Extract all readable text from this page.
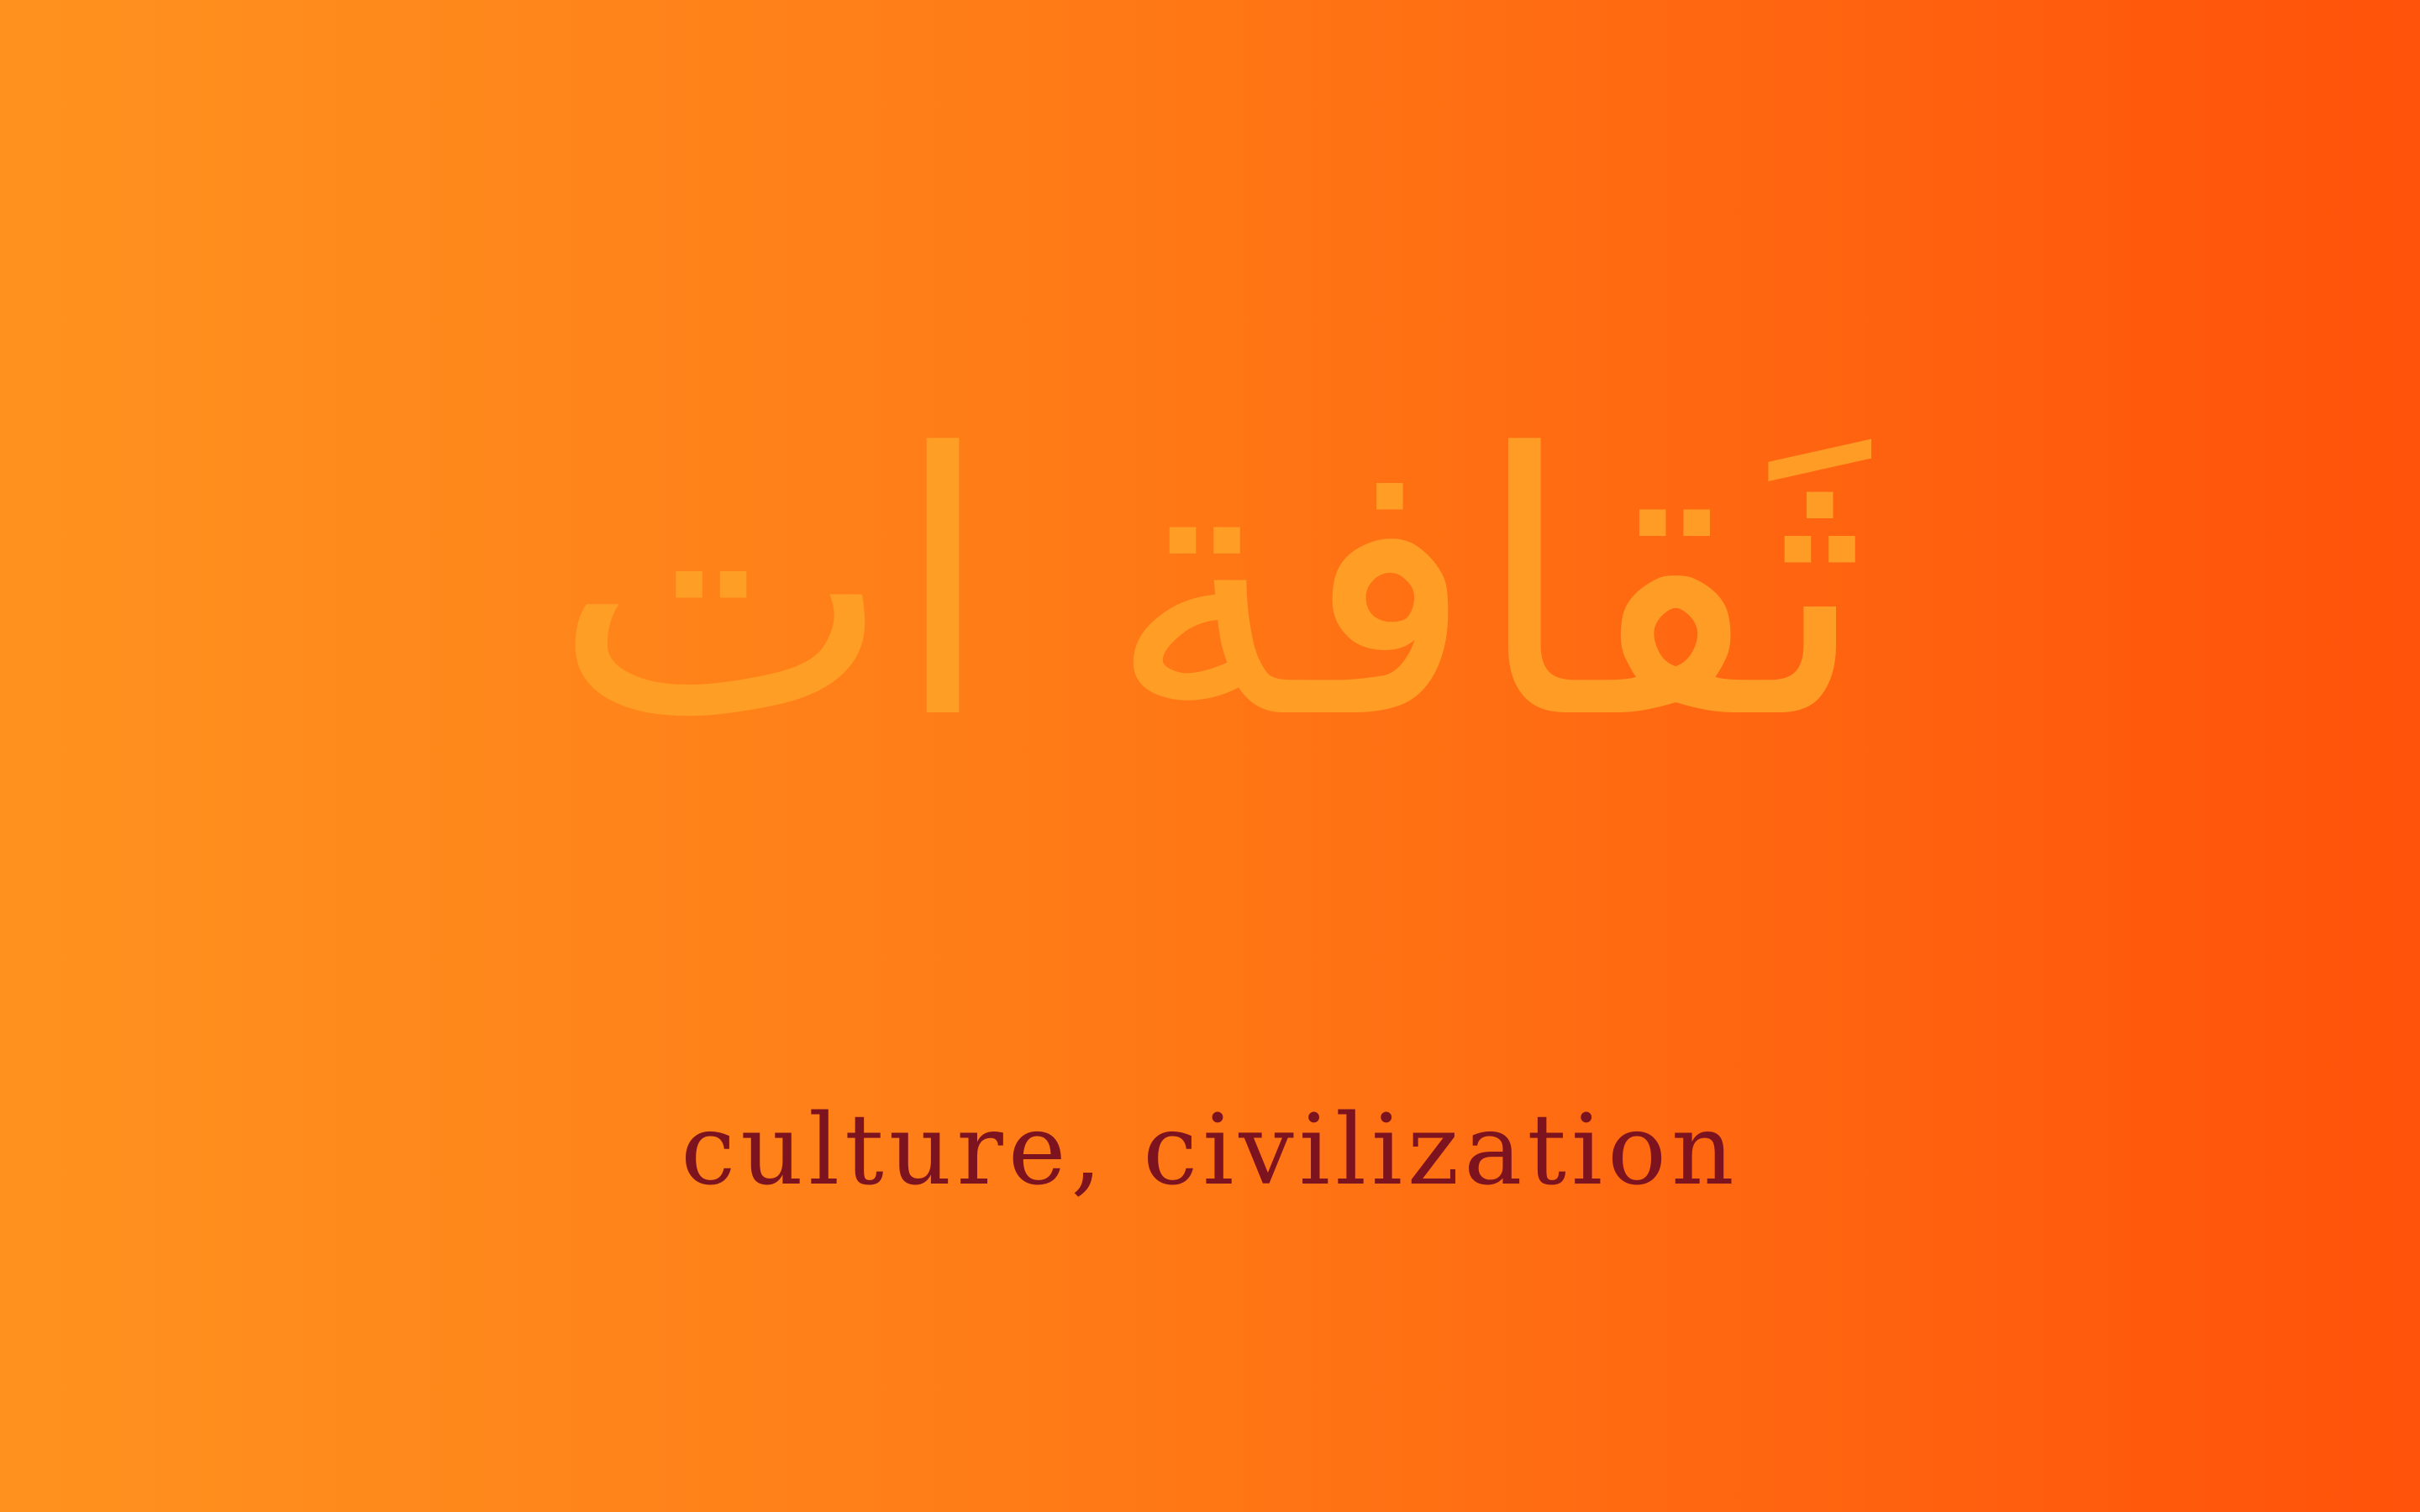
ثَقافة ات
culture, civilization
